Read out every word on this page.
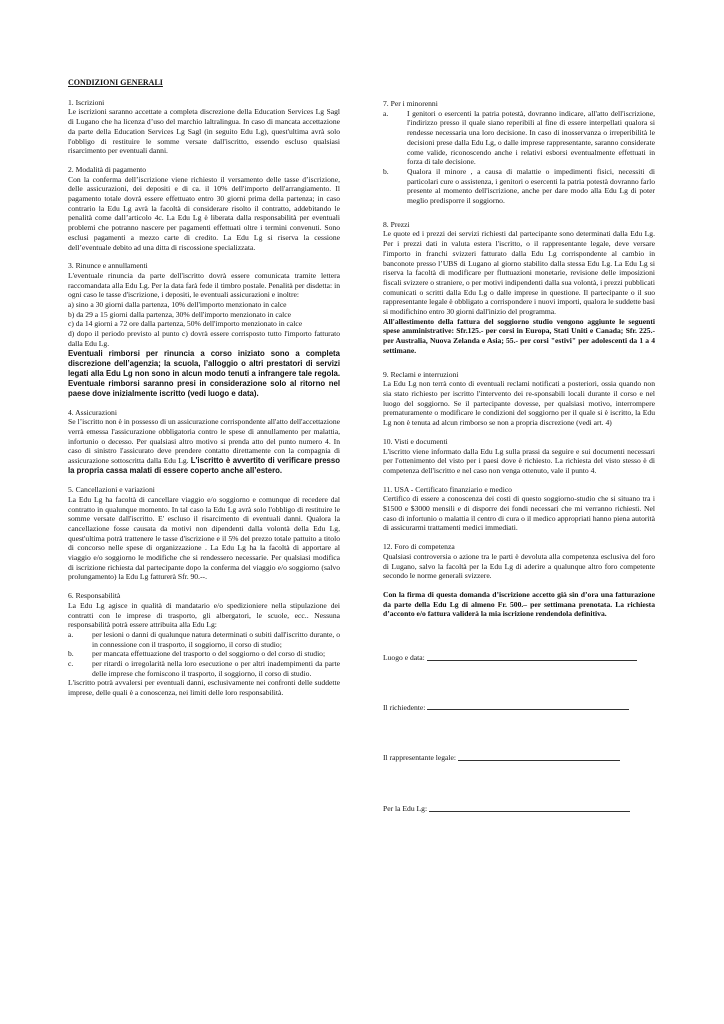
CONDIZIONI GENERALI
1. Iscrizioni

Le iscrizioni saranno accettate a completa discrezione della Education Services Lg Sagl di Lugano che ha licenza d’uso del marchio laltralingua. In caso di mancata accettazione da parte della Education Services Lg Sagl (in seguito Edu Lg), quest'ultima avrà solo l'obbligo di restituire le somme versate dall'iscritto, essendo escluso qualsiasi risarcimento per eventuali danni.

2. Modalità di pagamento

Con la conferma dell’iscrizione viene richiesto il versamento delle tasse d’iscrizione, delle assicurazioni, dei depositi e di ca. il 10% dell'importo dell'arrangiamento. Il pagamento totale dovrà essere effettuato entro 30 giorni prima della partenza; in caso contrario la Edu Lg avrà la facoltà di considerare risolto il contratto, addebitando le penalità come dall’articolo 4c. La Edu Lg è liberata dalla responsabilità per eventuali problemi che potranno nascere per pagamenti effettuati oltre i termini convenuti. Sono esclusi pagamenti a mezzo carte di credito. La Edu Lg si riserva la cessione dell’eventuale debito ad una ditta di riscossione specializzata.

3. Rinunce e annullamenti

L'eventuale rinuncia da parte dell'iscritto dovrà essere comunicata tramite lettera raccomandata alla Edu Lg. Per la data farà fede il timbro postale. Penalità per disdetta: in ogni caso le tasse d'iscrizione, i depositi, le eventuali assicurazioni e inoltre:

a) sino a 30 giorni dalla partenza, 10% dell'importo menzionato in calce

b) da 29 a 15 giorni dalla partenza, 30% dell'importo menzionato in calce

c) da 14 giorni a 72 ore dalla partenza, 50% dell'importo menzionato in calce

d) dopo il periodo previsto al punto c) dovrà essere corrisposto tutto l'importo fatturato dalla Edu Lg.

Eventuali rimborsi per rinuncia a corso iniziato sono a completa discrezione dell’agenzia; la scuola, l’alloggio o altri prestatori di servizi legati alla Edu Lg non sono in alcun modo tenuti a infrangere tale regola. Eventuale rimborsi saranno presi in considerazione solo al ritorno nel paese dove inizialmente iscritto (vedi luogo e data).

4. Assicurazioni

Se l’iscritto non è in possesso di un assicurazione corrispondente all'atto dell'accettazione verrà emessa l'assicurazione obbligatoria contro le spese di annullamento per malattia, infortunio o decesso. Per qualsiasi altro motivo si prenda atto del punto numero 4. In caso di sinistro l'assicurato deve prendere contatto direttamente con la compagnia di assicurazione sottoscritta dalla Edu Lg. L'iscritto è avvertito di verificare presso la propria cassa malati di essere coperto anche all’estero.

5. Cancellazioni e variazioni

La Edu Lg ha facoltà di cancellare viaggio e/o soggiorno e comunque di recedere dal contratto in qualunque momento. In tal caso la Edu Lg avrà solo l'obbligo di restituire le somme versate dall'iscritto. E' escluso il risarcimento di eventuali danni. Qualora la cancellazione fosse causata da motivi non dipendenti dalla volontà della Edu Lg, quest'ultima potrà trattenere le tasse d'iscrizione e il 5% del prezzo totale pattuito a titolo di concorso nelle spese di organizzazione . La Edu Lg ha la facoltà di apportare al viaggio e/o soggiorno le modifiche che si rendessero necessarie. Per qualsiasi modifica di iscrizione richiesta dal partecipante dopo la conferma del viaggio e/o soggiorno (salvo prolungamento) la Edu Lg fatturerà Sfr. 90.--.

6. Responsabilità

La Edu Lg agisce in qualità di mandatario e/o spedizioniere nella stipulazione dei contratti con le imprese di trasporto, gli albergatori, le scuole, ecc.. Nessuna responsabilità potrà essere attribuita alla Edu Lg:

a.	per lesioni o danni di qualunque natura determinati o subiti dall'iscritto durante, o in connessione con il trasporto, il soggiorno, il corso di studio;
b.	per mancata effettuazione del trasporto o del soggiorno o del corso di studio;
c.	per ritardi o irregolarità nella loro esecuzione o per altri inadempimenti da parte delle imprese che forniscono il trasporto, il soggiorno, il corso di studio.

L'iscritto potrà avvalersi per eventuali danni, esclusivamente nei confronti delle suddette imprese, delle quali è a conoscenza, nei limiti delle loro responsabilità.

7. Per i minorenni
a.	I genitori o esercenti la patria potestà, dovranno indicare, all'atto dell'iscrizione, l'indirizzo presso il quale siano reperibili al fine di essere interpellati qualora si rendesse necessaria una loro decisione. In caso di inosservanza o irreperibilità le decisioni prese dalla Edu Lg, o dalle imprese rappresentante, saranno considerate come valide, riconoscendo anche i relativi esborsi eventualmente effettuati in forza di tale decisione.
b.	Qualora il minore , a causa di malattie o impedimenti fisici, necessiti di particolari cure o assistenza, i genitori o esercenti la patria potestà dovranno farlo presente al momento dell'iscrizione, anche per dare modo alla Edu Lg di poter meglio predisporre il soggiorno.
8. Prezzi

Le quote ed i prezzi dei servizi richiesti dal partecipante sono determinati dalla Edu Lg. Per i prezzi dati in valuta estera l'iscritto, o il rappresentante legale, deve versare l'importo in franchi svizzeri fatturato dalla Edu Lg corrispondente al cambio in banconote presso l’UBS di Lugano al giorno stabilito dalla stessa Edu Lg. La Edu Lg si riserva la facoltà di modificare per fluttuazioni monetarie, revisione delle imposizioni fiscali svizzere o straniere, o per motivi indipendenti dalla sua volontà, i prezzi pubblicati comunicati o scritti dalla Edu Lg o dalle imprese in questione. Il partecipante o il suo rappresentante legale è obbligato a corrispondere i nuovi importi, qualora le suddette basi si modifichino entro 30 giorni dall'inizio del programma.

All'allestimento della fattura del soggiorno studio vengono aggiunte le seguenti spese amministrative: Sfr.125.- per corsi in Europa, Stati Uniti e Canada; Sfr. 225.- per Australia, Nuova Zelanda e Asia; 55.- per corsi "estivi" per adolescenti da 1 a 4 settimane.

9. Reclami e interruzioni

La Edu Lg non terrà conto di eventuali reclami notificati a posteriori, ossia quando non sia stato richiesto per iscritto l'intervento dei re-sponsabili locali durante il corso e nel luogo del soggiorno. Se il partecipante dovesse, per qualsiasi motivo, interrompere prematuramente o modificare le condizioni del soggiorno per il quale si è iscritto, la Edu Lg non è tenuta ad alcun rimborso se non a propria discrezione (vedi art. 4)

10. Visti e documenti

L'iscritto viene informato dalla Edu Lg sulla prassi da seguire e sui documenti necessari per l'ottenimento del visto per i paesi dove è richiesto. La richiesta del visto stesso è di competenza dell'iscritto e nel caso non venga ottenuto, vale il punto 4.

11. USA - Certificato finanziario e medico

Certifico di essere a conoscenza dei costi di questo soggiorno-studio che si situano tra i $1500 e $3000 mensili e di disporre dei fondi necessari che mi verranno richiesti. Nel caso di infortunio o malattia il centro di cura o il medico appropriati hanno piena autorità di assicurarmi trattamenti medici immediati.

12. Foro di competenza

Qualsiasi controversia o azione tra le parti è devoluta alla competenza esclusiva del foro di Lugano, salvo la facoltà per la Edu Lg di aderire a qualunque altro foro competente secondo le norme generali svizzere.

Con la firma di questa domanda d’iscrizione accetto già sin d’ora una fatturazione da parte della Edu Lg di almeno Fr. 500.– per settimana prenotata. La richiesta d’acconto e/o fattura validerà la mia iscrizione rendendola definitiva.

Luogo e data:
Il richiedente:
Il rappresentante legale:
Per la Edu Lg:
